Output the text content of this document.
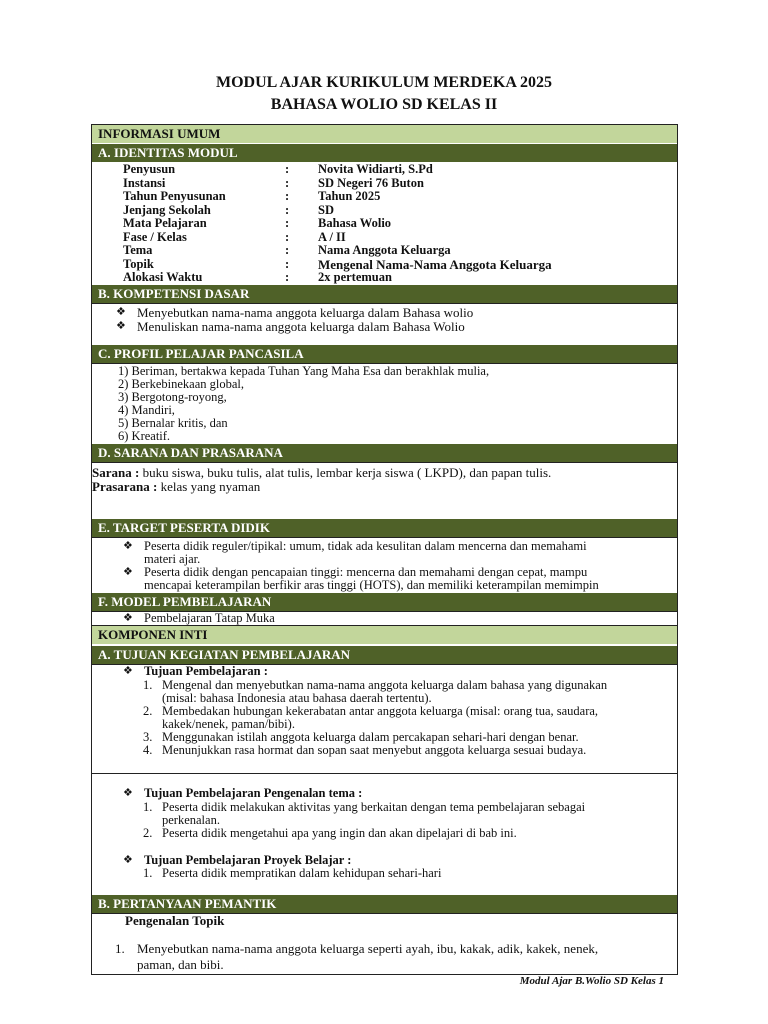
MODUL AJAR KURIKULUM MERDEKA 2025
BAHASA WOLIO SD KELAS II
INFORMASI UMUM
A. IDENTITAS MODUL
B. KOMPETENSI DASAR
❖ Menyebutkan nama-nama anggota keluarga dalam Bahasa wolio
❖ Menuliskan nama-nama anggota keluarga dalam Bahasa Wolio
C. PROFIL PELAJAR PANCASILA
1) Beriman, bertakwa kepada Tuhan Yang Maha Esa dan berakhlak mulia,
2) Berkebinekaan global,
3) Bergotong-royong,
4) Mandiri,
5) Bernalar kritis, dan
6) Kreatif.
D. SARANA DAN PRASARANA
Sarana : buku siswa, buku tulis, alat tulis, lembar kerja siswa ( LKPD), dan papan tulis.
Prasarana : kelas yang nyaman
E. TARGET PESERTA DIDIK
❖ Peserta didik reguler/tipikal: umum, tidak ada kesulitan dalam mencerna dan memahami
materi ajar.
❖ Peserta didik dengan pencapaian tinggi: mencerna dan memahami dengan cepat, mampu
mencapai keterampilan berfikir aras tinggi (HOTS), dan memiliki keterampilan memimpin
F. MODEL PEMBELAJARAN
❖ Pembelajaran Tatap Muka
KOMPONEN INTI
A. TUJUAN KEGIATAN PEMBELAJARAN
❖ Tujuan Pembelajaran :
❖ Tujuan Pembelajaran Pengenalan tema :
❖ Tujuan Pembelajaran Proyek Belajar :
B. PERTANYAAN PEMANTIK
Pengenalan Topik
1. Menyebutkan nama-nama anggota keluarga seperti ayah, ibu, kakak, adik, kakek, nenek,
paman, dan bibi.
Modul Ajar B.Wolio SD Kelas 1
Penyusun	: Novita Widiarti, S.Pd
Instansi	: SD Negeri 76 Buton
Tahun Penyusunan	: Tahun 2025
Jenjang Sekolah	: SD
Mata Pelajaran	: Bahasa Wolio
Fase / Kelas	: A / II
Tema	: Nama Anggota Keluarga
Topik	: Mengenal Nama-Nama Anggota Keluarga
Alokasi Waktu	: 2x pertemuan
1. Mengenal dan menyebutkan nama-nama anggota keluarga dalam bahasa yang digunakan
(misal: bahasa Indonesia atau bahasa daerah tertentu).
2. Membedakan hubungan kekerabatan antar anggota keluarga (misal: orang tua, saudara,
kakek/nenek, paman/bibi).
3. Menggunakan istilah anggota keluarga dalam percakapan sehari-hari dengan benar.
4. Menunjukkan rasa hormat dan sopan saat menyebut anggota keluarga sesuai budaya.
1. Peserta didik melakukan aktivitas yang berkaitan dengan tema pembelajaran sebagai
perkenalan.
2. Peserta didik mengetahui apa yang ingin dan akan dipelajari di bab ini.
1. Peserta didik mempratikan dalam kehidupan sehari-hari
